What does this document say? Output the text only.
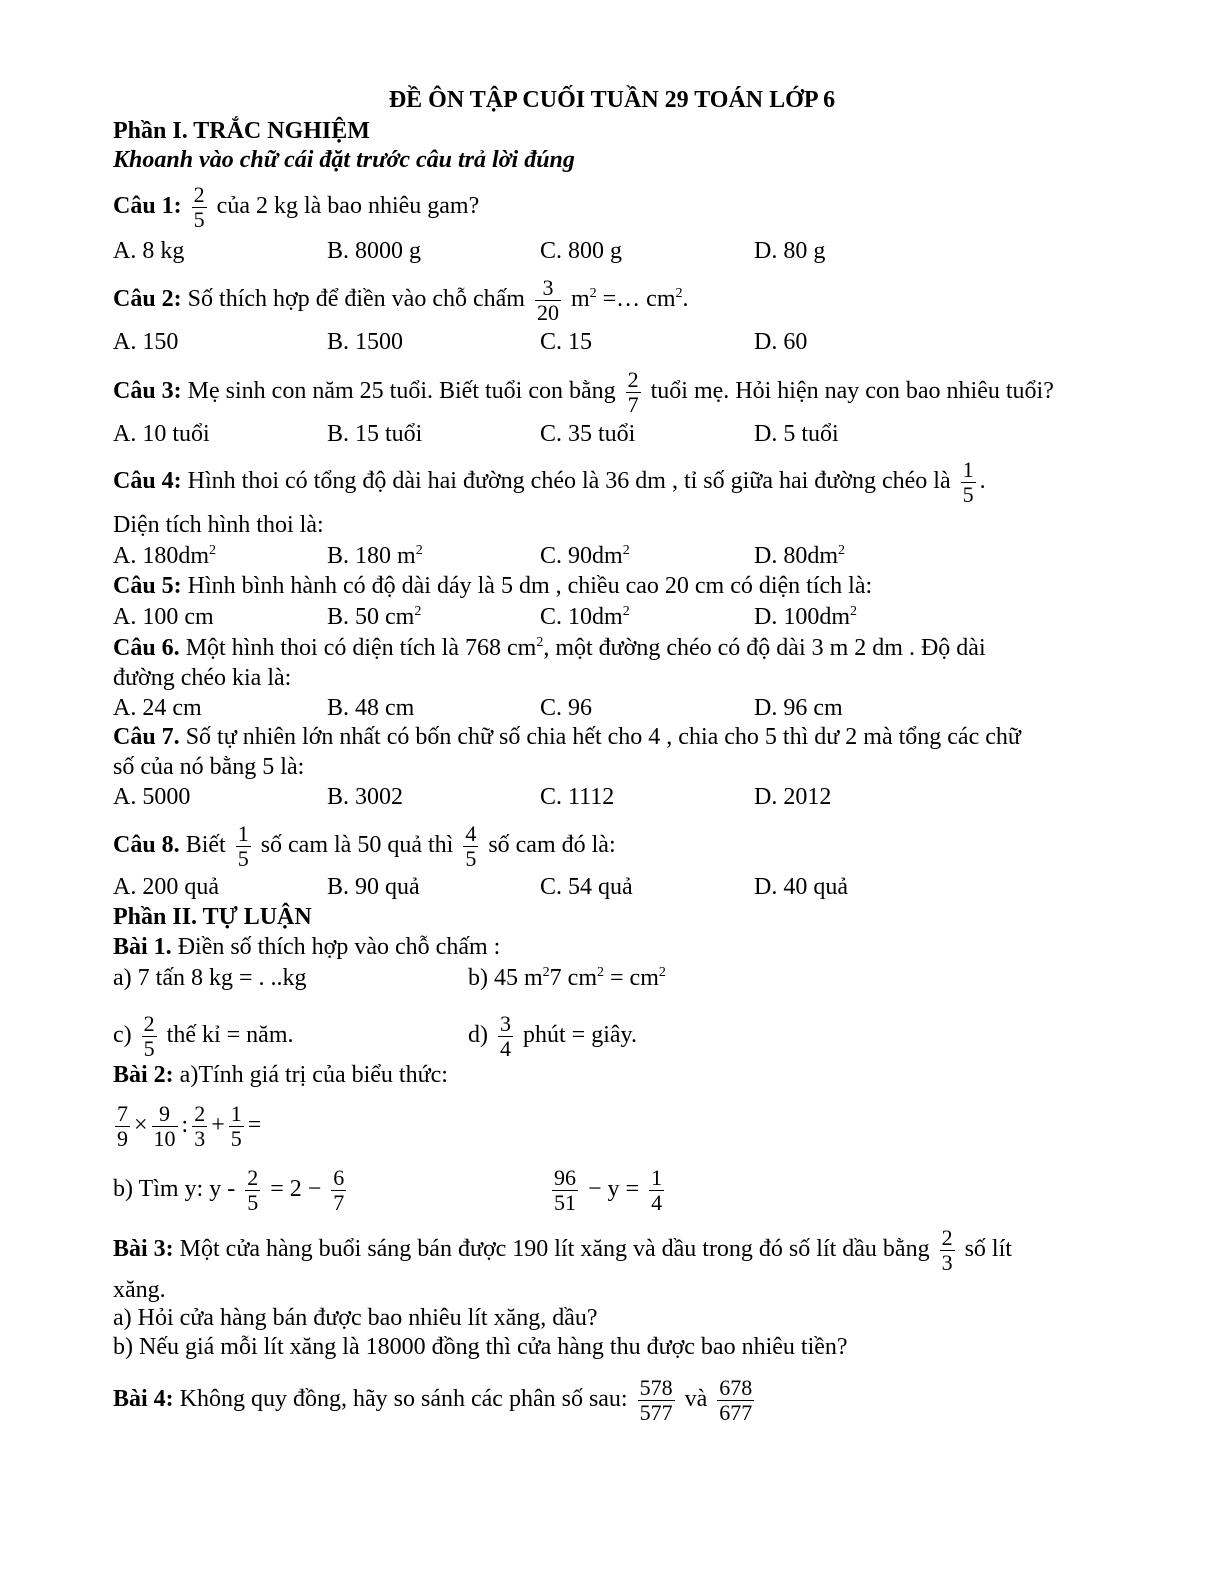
ĐỀ ÔN TẬP CUỐI TUẦN 29 TOÁN LỚP 6
Phần I. TRẮC NGHIỆM
Khoanh vào chữ cái đặt trước câu trả lời đúng
Câu 1: $\frac{2}{5}$ của 2 kg là bao nhiêu gam?
A. 8 kg	B. 8000 g	C. 800 g	D. 80 g
Câu 2: Số thích hợp để điền vào chỗ chấm $\frac{3}{20} m^2$ =… $cm^2$.
A. 150	B. 1500	C. 15	D. 60
Câu 3: Mẹ sinh con năm 25 tuổi. Biết tuổi con bằng $\frac{2}{7}$ tuổi mẹ. Hỏi hiện nay con bao nhiêu tuổi?
A. 10 tuổi	B. 15 tuổi	C. 35 tuổi	D. 5 tuổi
Câu 4: Hình thoi có tổng độ dài hai đường chéo là 36 dm , tỉ số giữa hai đường chéo là $\frac{1}{5}$ .
Diện tích hình thoi là:
A. $180dm^2$	B. 180 $m^2$	C. $90dm^2$	D. $80dm^2$
Câu 5: Hình bình hành có độ dài dáy là 5 dm , chiều cao 20 cm có diện tích là:
A. 100 cm	B. 50 $cm^2$	C. $10dm^2$	D. $100dm^2$
Câu 6. Một hình thoi có diện tích là 768 $cm^2$, một đường chéo có độ dài 3 m 2 dm . Độ dài
đường chéo kia là:
A. 24 cm	B. 48 cm	C. 96	D. 96 cm
Câu 7. Số tự nhiên lớn nhất có bốn chữ số chia hết cho 4 , chia cho 5 thì dư 2 mà tổng các chữ
số của nó bằng 5 là:
A. 5000	B. 3002	C. 1112	D. 2012
Câu 8. Biết $\frac{1}{5}$ số cam là 50 quả thì $\frac{4}{5}$ số cam đó là:
A. 200 quả	B. 90 quả	C. 54 quả	D. 40 quả
Phần II. TỰ LUẬN
Bài 1. Điền số thích hợp vào chỗ chấm :
a) 7 tấn 8 kg = . ..kg	b) 45 $m^27$ $cm^2 = cm^2$
$c) \frac{2}{5}$ thế kỉ = năm.	$d) \frac{3}{4}$ phút = giây.
Bài 2: a)Tính giá trị của biểu thức:
$\frac{7}{9} \times \frac{9}{10}$ : $\frac{2}{3} + \frac{1}{5}$ =
b) Tìm y: $y - \frac{2}{5} = 2 - \frac{6}{7}$	$\frac{96}{51} - y = \frac{1}{4}$
Bài 3: Một cửa hàng buổi sáng bán được 190 lít xăng và dầu trong đó số lít dầu bằng $\frac{2}{3}$ số lít
xăng.
a) Hỏi cửa hàng bán được bao nhiêu lít xăng, dầu?
b) Nếu giá mỗi lít xăng là 18000 đồng thì cửa hàng thu được bao nhiêu tiền?
Bài 4: Không quy đồng, hãy so sánh các phân số sau: $\frac{578}{577}$ và $\frac{678}{677}$
